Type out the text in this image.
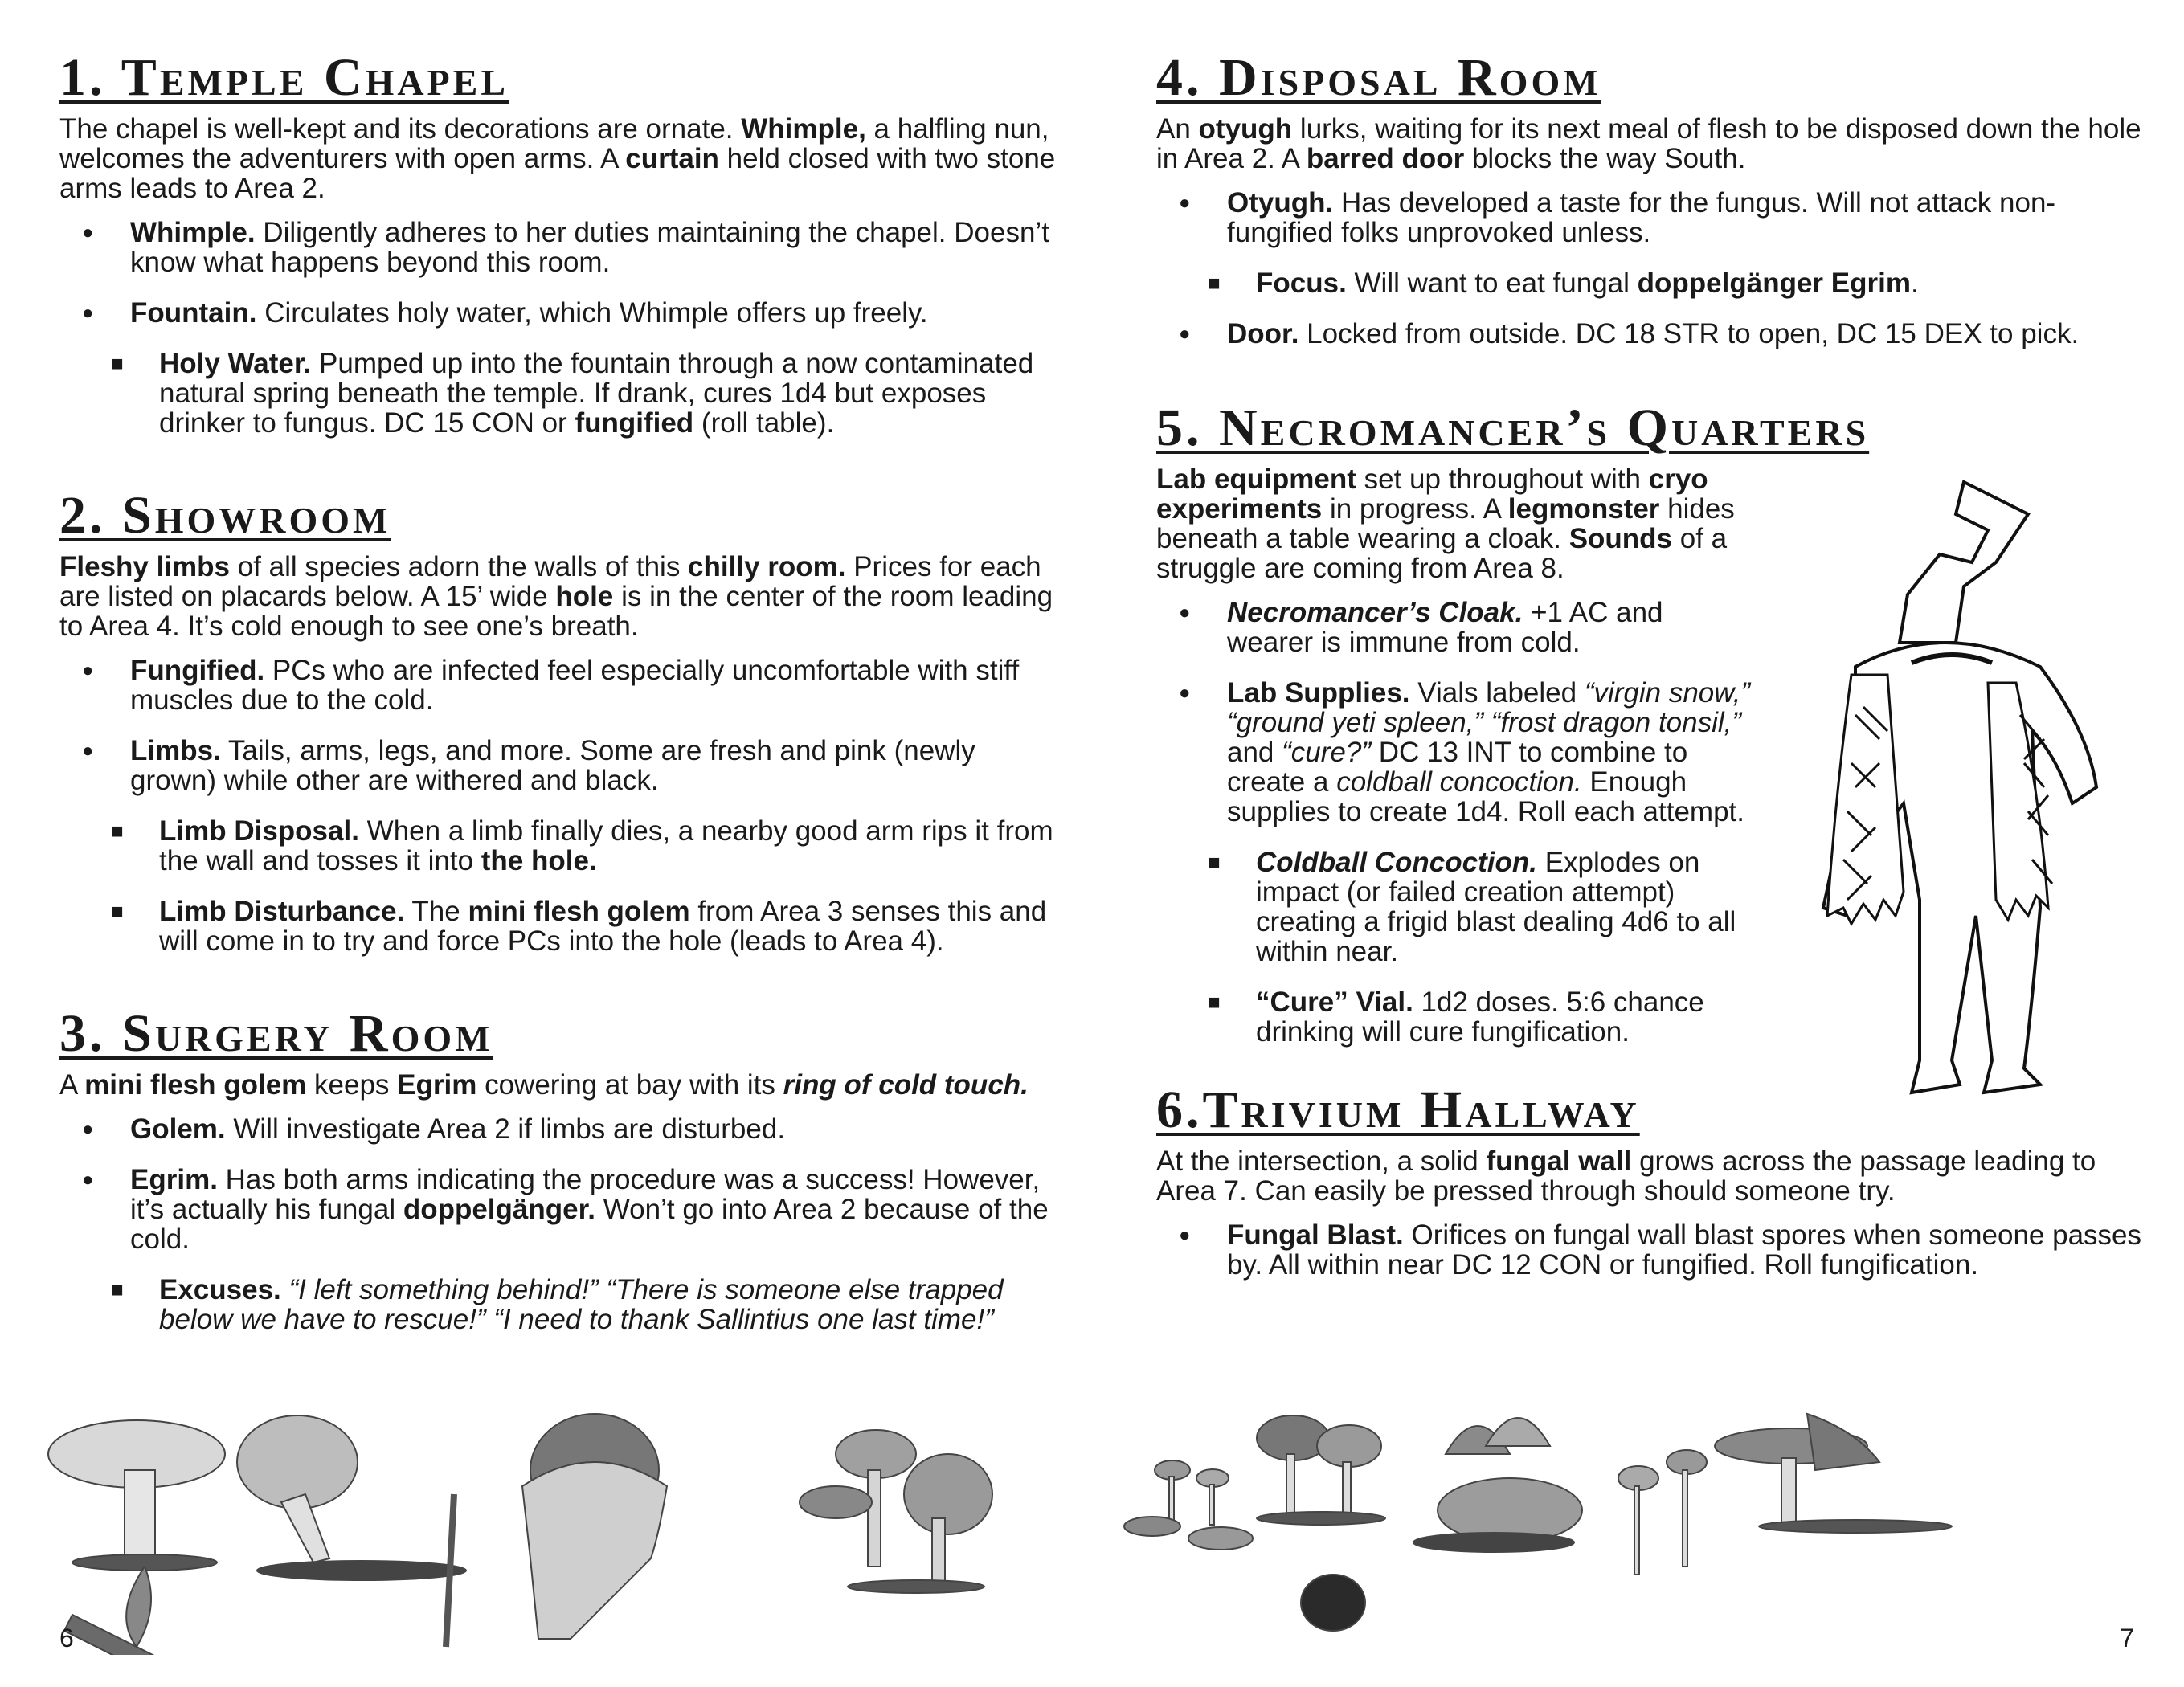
1. Temple Chapel

The chapel is well-kept and its decorations are ornate. Whimple, a halfling nun, welcomes the adventurers with open arms. A curtain held closed with two stone arms leads to Area 2.

● Whimple. Diligently adheres to her duties maintaining the chapel. Doesn’t know what happens beyond this room.
● Fountain. Circulates holy water, which Whimple offers up freely.
■ Holy Water. Pumped up into the fountain through a now contaminated natural spring beneath the temple. If drank, cures 1d4 but exposes drinker to fungus. DC 15 CON or fungified (roll table).
2. Showroom

Fleshy limbs of all species adorn the walls of this chilly room. Prices for each are listed on placards below. A 15’ wide hole is in the center of the room leading to Area 4. It’s cold enough to see one’s breath.

● Fungified. PCs who are infected feel especially uncomfortable with stiff muscles due to the cold.
● Limbs. Tails, arms, legs, and more. Some are fresh and pink (newly grown) while other are withered and black.
■ Limb Disposal. When a limb finally dies, a nearby good arm rips it from the wall and tosses it into the hole.
■ Limb Disturbance. The mini flesh golem from Area 3 senses this and will come in to try and force PCs into the hole (leads to Area 4).
3. Surgery Room

A mini flesh golem keeps Egrim cowering at bay with its ring of cold touch.

● Golem. Will investigate Area 2 if limbs are disturbed.
● Egrim. Has both arms indicating the procedure was a success! However, it’s actually his fungal doppelgänger. Won’t go into Area 2 because of the cold.
■ Excuses. “I left something behind!” “There is someone else trapped below we have to rescue!” “I need to thank Sallintius one last time!”
6
4. Disposal Room

An otyugh lurks, waiting for its next meal of flesh to be disposed down the hole in Area 2. A barred door blocks the way South.

● Otyugh. Has developed a taste for the fungus. Will not attack non-fungified folks unprovoked unless.
■ Focus. Will want to eat fungal doppelgänger Egrim.
● Door. Locked from outside. DC 18 STR to open, DC 15 DEX to pick.
5. Necromancer’s Quarters

Lab equipment set up throughout with cryo experiments in progress. A legmonster hides beneath a table wearing a cloak. Sounds of a struggle are coming from Area 8.

● Necromancer’s Cloak. +1 AC and wearer is immune from cold.
● Lab Supplies. Vials labeled “virgin snow,” “ground yeti spleen,” “frost dragon tonsil,” and “cure?” DC 13 INT to combine to create a coldball concoction. Enough supplies to create 1d4. Roll each attempt.
■ Coldball Concoction. Explodes on impact (or failed creation attempt) creating a frigid blast dealing 4d6 to all within near.
■ “Cure” Vial. 1d2 doses. 5:6 chance drinking will cure fungification.
6.Trivium Hallway

At the intersection, a solid fungal wall grows across the passage leading to Area 7. Can easily be pressed through should someone try.

● Fungal Blast. Orifices on fungal wall blast spores when someone passes by. All within near DC 12 CON or fungified. Roll fungification.
7
